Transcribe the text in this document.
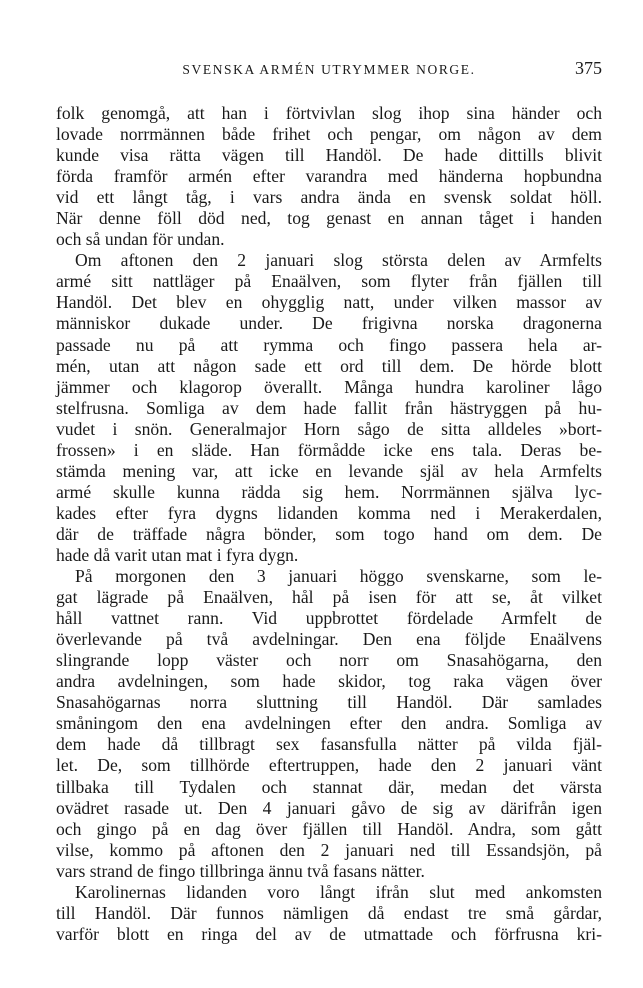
SVENSKA ARMÉN UTRYMMER NORGE.	375
folk genomgå, att han i förtvivlan slog ihop sina händer och
lovade norrmännen både frihet och pengar, om någon av dem
kunde visa rätta vägen till Handöl. De hade dittills blivit
förda framför armén efter varandra med händerna hopbundna
vid ett långt tåg, i vars andra ända en svensk soldat höll.
När denne föll död ned, tog genast en annan tåget i handen
och så undan för undan.
Om aftonen den 2 januari slog största delen av Armfelts
armé sitt nattläger på Enaälven, som flyter från fjällen till
Handöl. Det blev en ohygglig natt, under vilken massor av
människor dukade under. De frigivna norska dragonerna
passade nu på att rymma och fingo passera hela ar-
mén, utan att någon sade ett ord till dem. De hörde blott
jämmer och klagorop överallt. Många hundra karoliner lågo
stelfrusna. Somliga av dem hade fallit från hästryggen på hu-
vudet i snön. Generalmajor Horn sågo de sitta alldeles »bort-
frossen» i en släde. Han förmådde icke ens tala. Deras be-
stämda mening var, att icke en levande själ av hela Armfelts
armé skulle kunna rädda sig hem. Norrmännen själva lyc-
kades efter fyra dygns lidanden komma ned i Merakerdalen,
där de träffade några bönder, som togo hand om dem. De
hade då varit utan mat i fyra dygn.
På morgonen den 3 januari höggo svenskarne, som le-
gat lägrade på Enaälven, hål på isen för att se, åt vilket
håll vattnet rann. Vid uppbrottet fördelade Armfelt de
överlevande på två avdelningar. Den ena följde Enaälvens
slingrande lopp väster och norr om Snasahögarna, den
andra avdelningen, som hade skidor, tog raka vägen över
Snasahögarnas norra sluttning till Handöl. Där samlades
småningom den ena avdelningen efter den andra. Somliga av
dem hade då tillbragt sex fasansfulla nätter på vilda fjäl-
let. De, som tillhörde eftertruppen, hade den 2 januari vänt
tillbaka till Tydalen och stannat där, medan det värsta
ovädret rasade ut. Den 4 januari gåvo de sig av därifrån igen
och gingo på en dag över fjällen till Handöl. Andra, som gått
vilse, kommo på aftonen den 2 januari ned till Essandsjön, på
vars strand de fingo tillbringa ännu två fasans nätter.
Karolinernas lidanden voro långt ifrån slut med ankomsten
till Handöl. Där funnos nämligen då endast tre små gårdar,
varför blott en ringa del av de utmattade och förfrusna kri-
